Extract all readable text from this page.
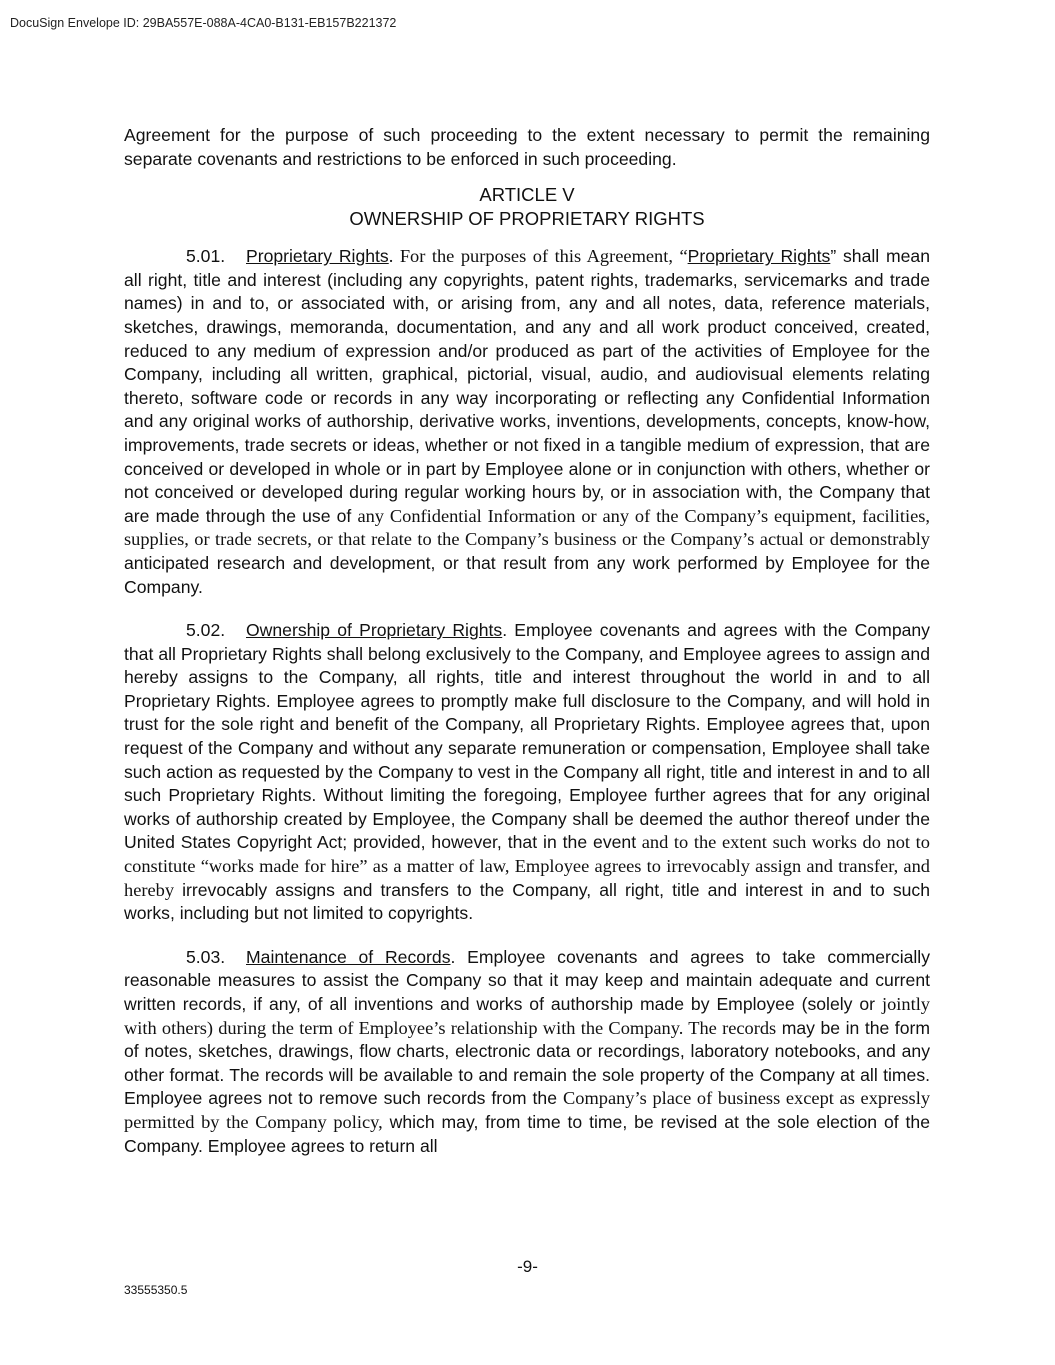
DocuSign Envelope ID: 29BA557E-088A-4CA0-B131-EB157B221372
Agreement for the purpose of such proceeding to the extent necessary to permit the remaining separate covenants and restrictions to be enforced in such proceeding.
ARTICLE V
OWNERSHIP OF PROPRIETARY RIGHTS
5.01. Proprietary Rights. For the purposes of this Agreement, “Proprietary Rights” shall mean all right, title and interest (including any copyrights, patent rights, trademarks, servicemarks and trade names) in and to, or associated with, or arising from, any and all notes, data, reference materials, sketches, drawings, memoranda, documentation, and any and all work product conceived, created, reduced to any medium of expression and/or produced as part of the activities of Employee for the Company, including all written, graphical, pictorial, visual, audio, and audiovisual elements relating thereto, software code or records in any way incorporating or reflecting any Confidential Information and any original works of authorship, derivative works, inventions, developments, concepts, know-how, improvements, trade secrets or ideas, whether or not fixed in a tangible medium of expression, that are conceived or developed in whole or in part by Employee alone or in conjunction with others, whether or not conceived or developed during regular working hours by, or in association with, the Company that are made through the use of any Confidential Information or any of the Company’s equipment, facilities, supplies, or trade secrets, or that relate to the Company’s business or the Company’s actual or demonstrably anticipated research and development, or that result from any work performed by Employee for the Company.
5.02. Ownership of Proprietary Rights. Employee covenants and agrees with the Company that all Proprietary Rights shall belong exclusively to the Company, and Employee agrees to assign and hereby assigns to the Company, all rights, title and interest throughout the world in and to all Proprietary Rights. Employee agrees to promptly make full disclosure to the Company, and will hold in trust for the sole right and benefit of the Company, all Proprietary Rights. Employee agrees that, upon request of the Company and without any separate remuneration or compensation, Employee shall take such action as requested by the Company to vest in the Company all right, title and interest in and to all such Proprietary Rights. Without limiting the foregoing, Employee further agrees that for any original works of authorship created by Employee, the Company shall be deemed the author thereof under the United States Copyright Act; provided, however, that in the event and to the extent such works do not to constitute “works made for hire” as a matter of law, Employee agrees to irrevocably assign and transfer, and hereby irrevocably assigns and transfers to the Company, all right, title and interest in and to such works, including but not limited to copyrights.
5.03. Maintenance of Records. Employee covenants and agrees to take commercially reasonable measures to assist the Company so that it may keep and maintain adequate and current written records, if any, of all inventions and works of authorship made by Employee (solely or jointly with others) during the term of Employee’s relationship with the Company. The records may be in the form of notes, sketches, drawings, flow charts, electronic data or recordings, laboratory notebooks, and any other format. The records will be available to and remain the sole property of the Company at all times. Employee agrees not to remove such records from the Company’s place of business except as expressly permitted by the Company policy, which may, from time to time, be revised at the sole election of the Company. Employee agrees to return all
-9-
33555350.5
